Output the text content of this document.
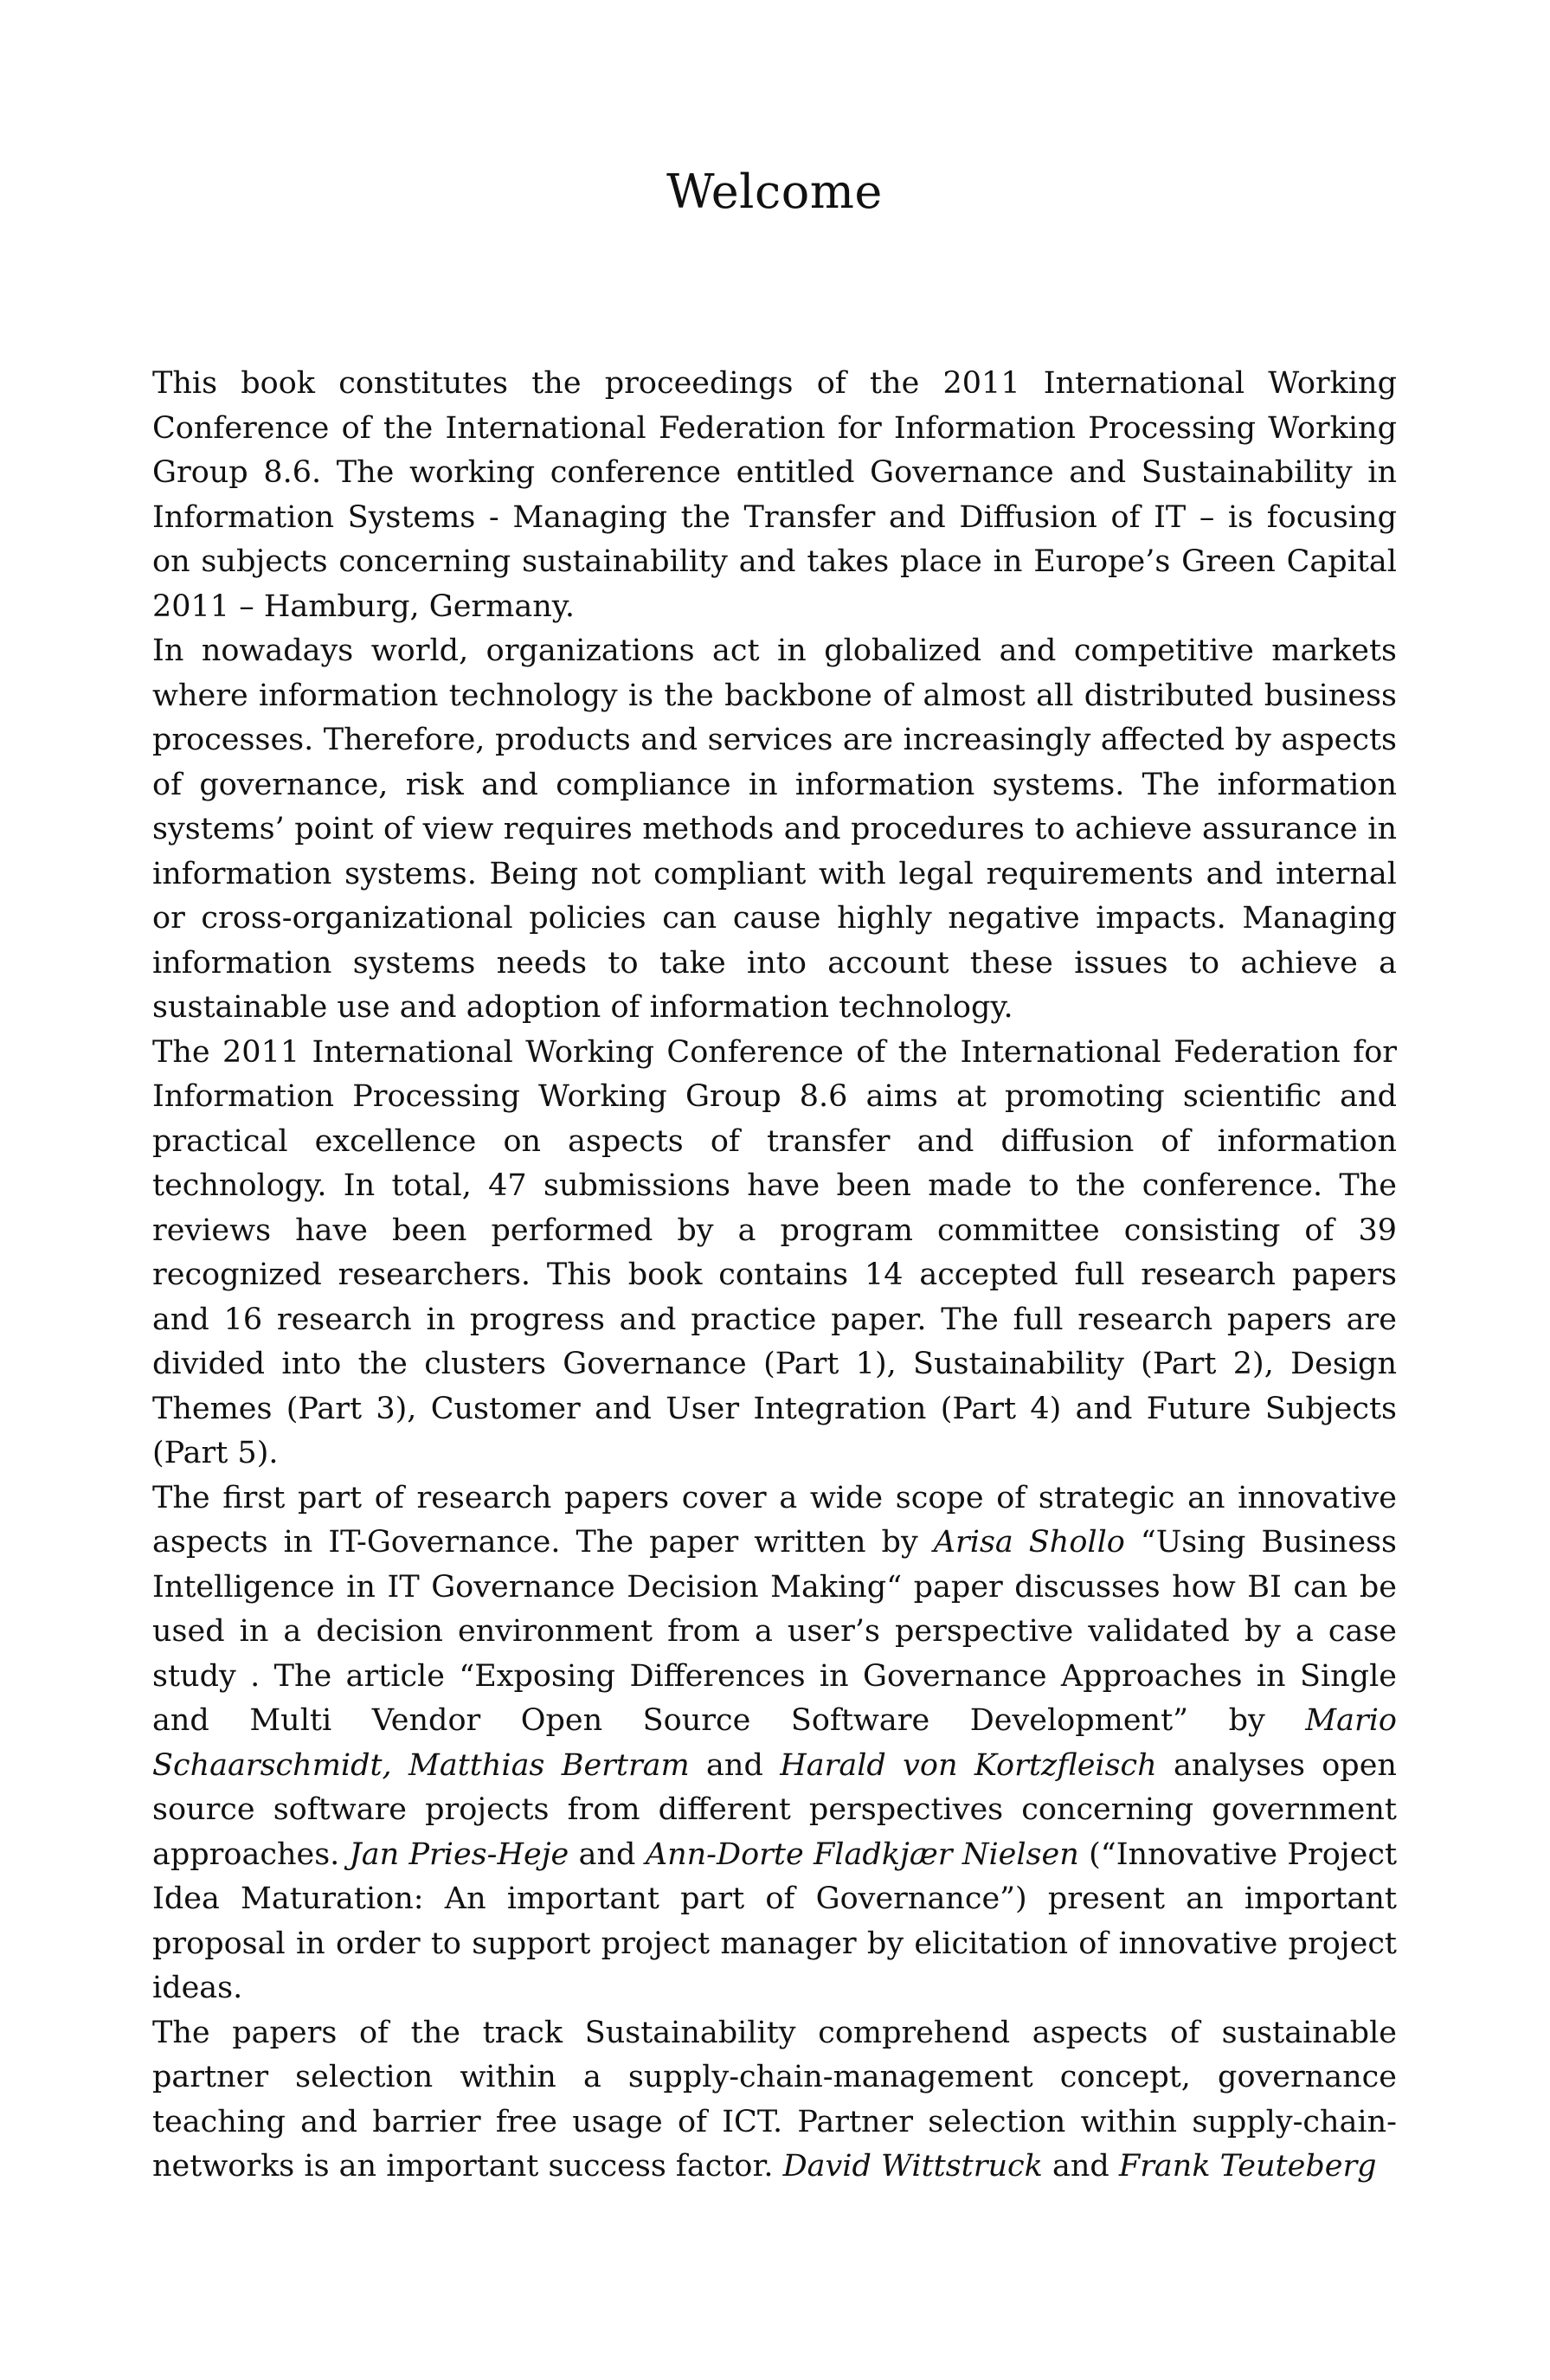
Welcome

This book constitutes the proceedings of the 2011 International Working Conference of the International Federation for Information Processing Working Group 8.6. The working conference entitled Governance and Sustainability in Information Systems - Managing the Transfer and Diffusion of IT – is focusing on subjects concerning sustainability and takes place in Europe’s Green Capital 2011 – Hamburg, Germany.

In nowadays world, organizations act in globalized and competitive markets where information technology is the backbone of almost all distributed business processes. Therefore, products and services are increasingly affected by aspects of governance, risk and compliance in information systems. The information systems’ point of view requires methods and procedures to achieve assurance in information systems. Being not compliant with legal requirements and internal or cross-organizational policies can cause highly negative impacts. Managing information systems needs to take into account these issues to achieve a sustainable use and adoption of information technology.

The 2011 International Working Conference of the International Federation for Information Processing Working Group 8.6 aims at promoting scientific and practical excellence on aspects of transfer and diffusion of information technology. In total, 47 submissions have been made to the conference. The reviews have been performed by a program committee consisting of 39 recognized researchers. This book contains 14 accepted full research papers and 16 research in progress and practice paper. The full research papers are divided into the clusters Governance (Part 1), Sustainability (Part 2), Design Themes (Part 3), Customer and User Integration (Part 4) and Future Subjects (Part 5).

The first part of research papers cover a wide scope of strategic an innovative aspects in IT-Governance. The paper written by Arisa Shollo “Using Business Intelligence in IT Governance Decision Making“ paper discusses how BI can be used in a decision environment from a user’s perspective validated by a case study . The article “Exposing Differences in Governance Approaches in Single and Multi Vendor Open Source Software Development” by Mario Schaarschmidt, Matthias Bertram and Harald von Kortzfleisch analyses open source software projects from different perspectives concerning government approaches. Jan Pries-Heje and Ann-Dorte Fladkjær Nielsen (“Innovative Project Idea Maturation: An important part of Governance”) present an important proposal in order to support project manager by elicitation of innovative project ideas.

The papers of the track Sustainability comprehend aspects of sustainable partner selection within a supply-chain-management concept, governance teaching and barrier free usage of ICT. Partner selection within supply-chain-networks is an important success factor. David Wittstruck and Frank Teuteberg
